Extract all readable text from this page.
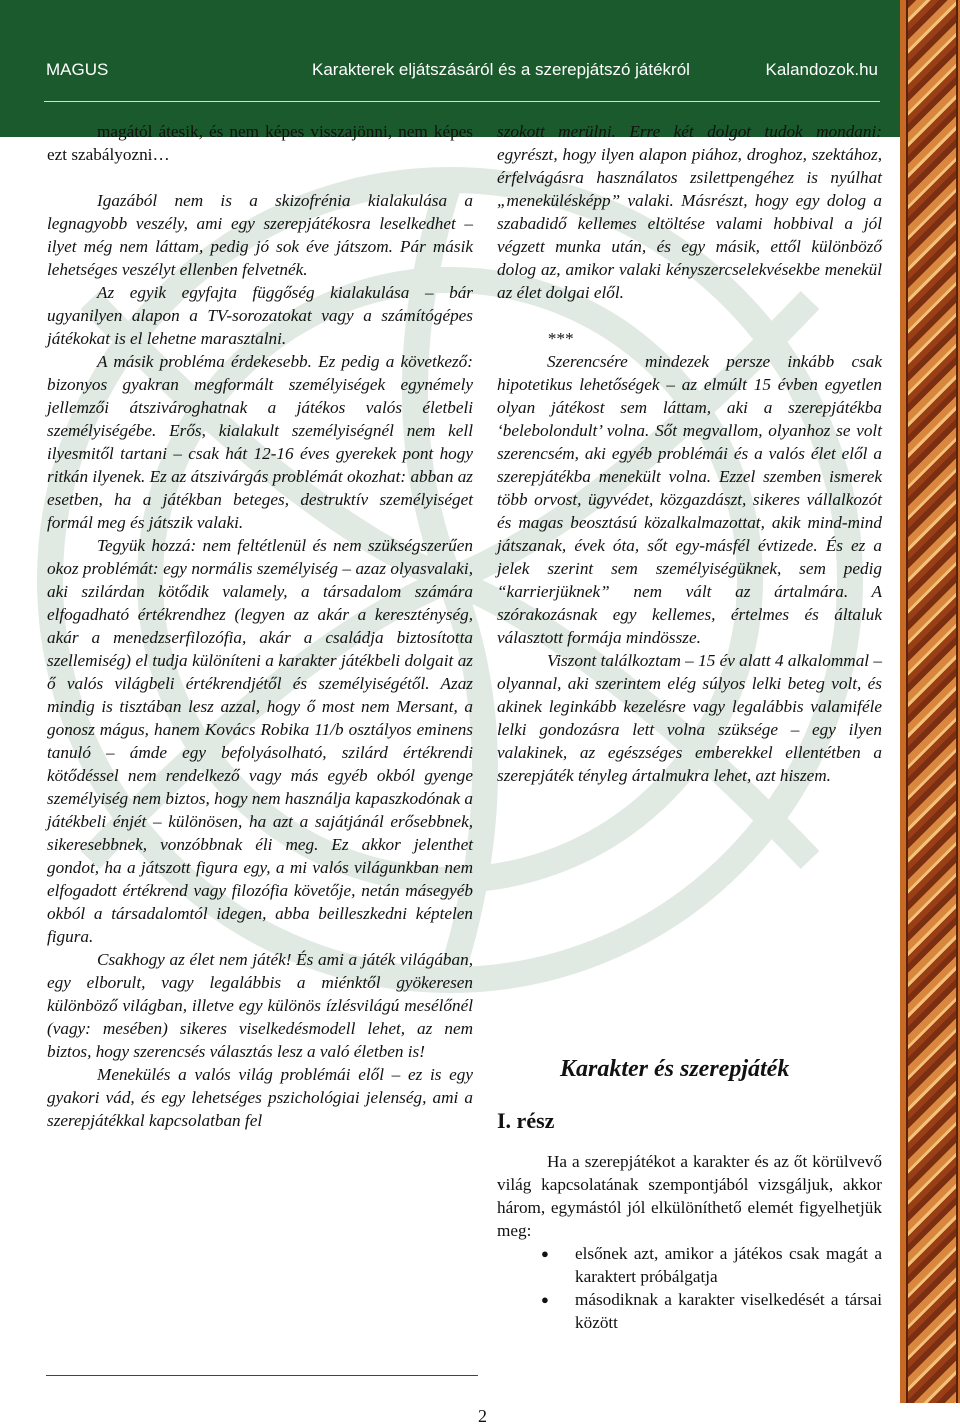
MAGUS	Karakterek eljátszásáról és a szerepjátszó játékról	Kalandozok.hu

magától átesik, és nem képes visszajönni, nem képes ezt szabályozni…

Igazából nem is a skizofrénia kialakulása a legnagyobb veszély, ami egy szerepjátékosra leselkedhet – ilyet még nem láttam, pedig jó sok éve játszom. Pár másik lehetséges veszélyt ellenben felvetnék.

Az egyik egyfajta függőség kialakulása – bár ugyanilyen alapon a TV-sorozatokat vagy a számítógépes játékokat is el lehetne marasztalni.

A másik probléma érdekesebb. Ez pedig a következő: bizonyos gyakran megformált személyiségek egynémely jellemzői átszivároghatnak a játékos valós életbeli személyiségébe. Erős, kialakult személyiségnél nem kell ilyesmitől tartani – csak hát 12-16 éves gyerekek pont hogy ritkán ilyenek. Ez az átszivárgás problémát okozhat: abban az esetben, ha a játékban beteges, destruktív személyiséget formál meg és játszik valaki.

Tegyük hozzá: nem feltétlenül és nem szükségszerűen okoz problémát: egy normális személyiség – azaz olyasvalaki, aki szilárdan kötődik valamely, a társadalom számára elfogadható értékrendhez (legyen az akár a kereszténység, akár a menedzserfilozófia, akár a családja biztosította szellemiség) el tudja különíteni a karakter játékbeli dolgait az ő valós világbeli értékrendjétől és személyiségétől. Azaz mindig is tisztában lesz azzal, hogy ő most nem Mersant, a gonosz mágus, hanem Kovács Robika 11/b osztályos eminens tanuló – ámde egy befolyásolható, szilárd értékrendi kötődéssel nem rendelkező vagy más egyéb okból gyenge személyiség nem biztos, hogy nem használja kapaszkodónak a játékbeli énjét – különösen, ha azt a sajátjánál erősebbnek, sikeresebbnek, vonzóbbnak éli meg. Ez akkor jelenthet gondot, ha a játszott figura egy, a mi valós világunkban nem elfogadott értékrend vagy filozófia követője, netán másegyéb okból a társadalomtól idegen, abba beilleszkedni képtelen figura.

Csakhogy az élet nem játék! És ami a játék világában, egy elborult, vagy legalábbis a miénktől gyökeresen különböző világban, illetve egy különös ízlésvilágú mesélőnél (vagy: mesében) sikeres viselkedésmodell lehet, az nem biztos, hogy szerencsés választás lesz a való életben is!

Menekülés a valós világ problémái elől – ez is egy gyakori vád, és egy lehetséges pszichológiai jelenség, ami a szerepjátékkal kapcsolatban fel

szokott merülni. Erre két dolgot tudok mondani: egyrészt, hogy ilyen alapon piához, droghoz, szektához, érfelvágásra használatos zsilettpengéhez is nyúlhat „menekülésképp” valaki. Másrészt, hogy egy dolog a szabadidő kellemes eltöltése valami hobbival a jól végzett munka után, és egy másik, ettől különböző dolog az, amikor valaki kényszercselekvésekbe menekül az élet dolgai elől.

***

Szerencsére mindezek persze inkább csak hipotetikus lehetőségek – az elmúlt 15 évben egyetlen olyan játékost sem láttam, aki a szerepjátékba ‘belebolondult’ volna. Sőt megvallom, olyanhoz se volt szerencsém, aki egyéb problémái és a valós élet elől a szerepjátékba menekült volna. Ezzel szemben ismerek több orvost, ügyvédet, közgazdászt, sikeres vállalkozót és magas beosztású közalkalmazottat, akik mind-mind játszanak, évek óta, sőt egy-másfél évtizede. És ez a jelek szerint sem személyiségüknek, sem pedig “karrierjüknek” nem vált az ártalmára. A szórakozásnak egy kellemes, értelmes és általuk választott formája mindössze.

Viszont találkoztam – 15 év alatt 4 alkalommal – olyannal, aki szerintem elég súlyos lelki beteg volt, és akinek leginkább kezelésre vagy legalábbis valamiféle lelki gondozásra lett volna szüksége – egy ilyen valakinek, az egészséges emberekkel ellentétben a szerepjáték tényleg ártalmukra lehet, azt hiszem.

Karakter és szerepjáték
I. rész

Ha a szerepjátékot a karakter és az őt körülvevő világ kapcsolatának szempontjából vizsgáljuk, akkor három, egymástól jól elkülöníthető elemét figyelhetjük meg:

● elsőnek azt, amikor a játékos csak magát a karaktert próbálgatja
● másodiknak a karakter viselkedését a társai között
2
